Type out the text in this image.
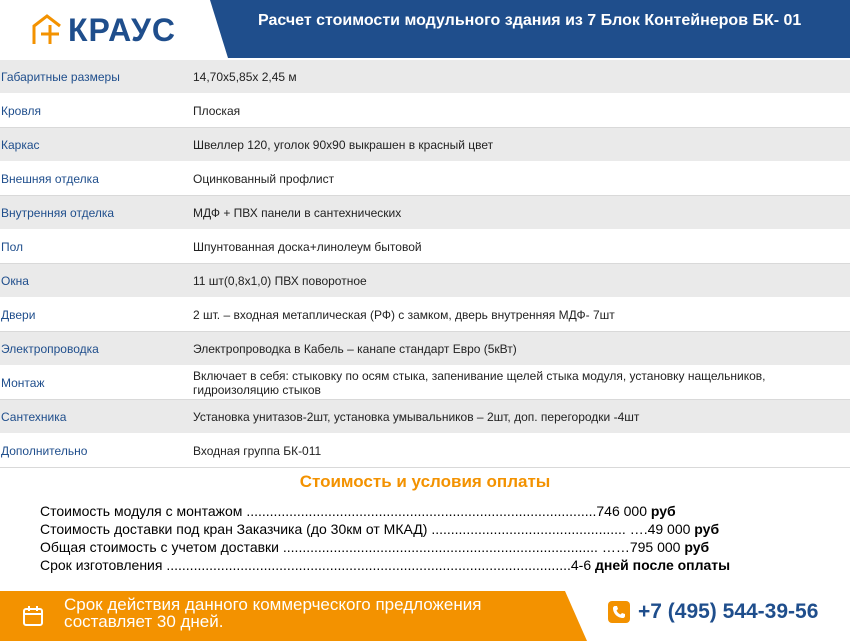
КРАУС	Расчет стоимости модульного здания из 7 Блок Контейнеров БК- 01
Габаритные размеры	14,70х5,85х 2,45 м
Кровля	Плоская
Каркас	Швеллер 120, уголок 90х90 выкрашен в красный цвет
Внешняя отделка	Оцинкованный профлист
Внутренняя отделка	МДФ + ПВХ панели в сантехнических
Пол	Шпунтованная доска+линолеум бытовой
Окна	11 шт(0,8х1,0) ПВХ поворотное
Двери	2 шт. – входная метаплическая (РФ) с замком, дверь внутренняя МДФ- 7шт
Электропроводка	Электропроводка в Кабель – канапе стандарт Евро (5кВт)
Монтаж	Включает в себя: стыковку по осям стыка, запенивание щелей стыка модуля, установку нащельников, гидроизоляцию стыков
Сантехника	Установка унитазов-2шт, установка умывальников – 2шт, доп. перегородки -4шт
Дополнительно	Входная группа БК-011
Стоимость и условия оплаты
Стоимость модуля с монтажом ..........................................................................................746 000 руб
Стоимость доставки под кран Заказчика (до 30км от МКАД) .................................................. ….49 000 руб
Общая стоимость с учетом доставки ................................................................................. ……795 000 руб
Срок изготовления ........................................................................................................4-6 дней после оплаты
Срок действия данного коммерческого предложения
составляет 30 дней.	+7 (495) 544-39-56
